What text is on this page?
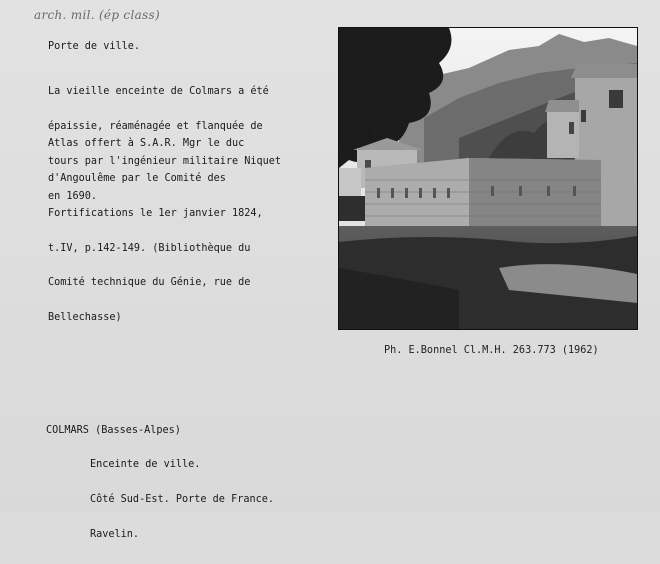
arch. mil. (ép class)
Porte de ville.

La vieille enceinte de Colmars a été

épaissie, réaménagée et flanquée de

tours par l'ingénieur militaire Niquet

en 1690.

Atlas offert à S.A.R. Mgr le duc

d'Angoulême par le Comité des

Fortifications le 1er janvier 1824,

t.IV, p.142-149. (Bibliothèque du

Comité technique du Génie, rue de

Bellechasse)

Ph. E.Bonnel Cl.M.H. 263.773 (1962)
COLMARS (Basses-Alpes)

Enceinte de ville.

Côté Sud-Est. Porte de France.

Ravelin.
